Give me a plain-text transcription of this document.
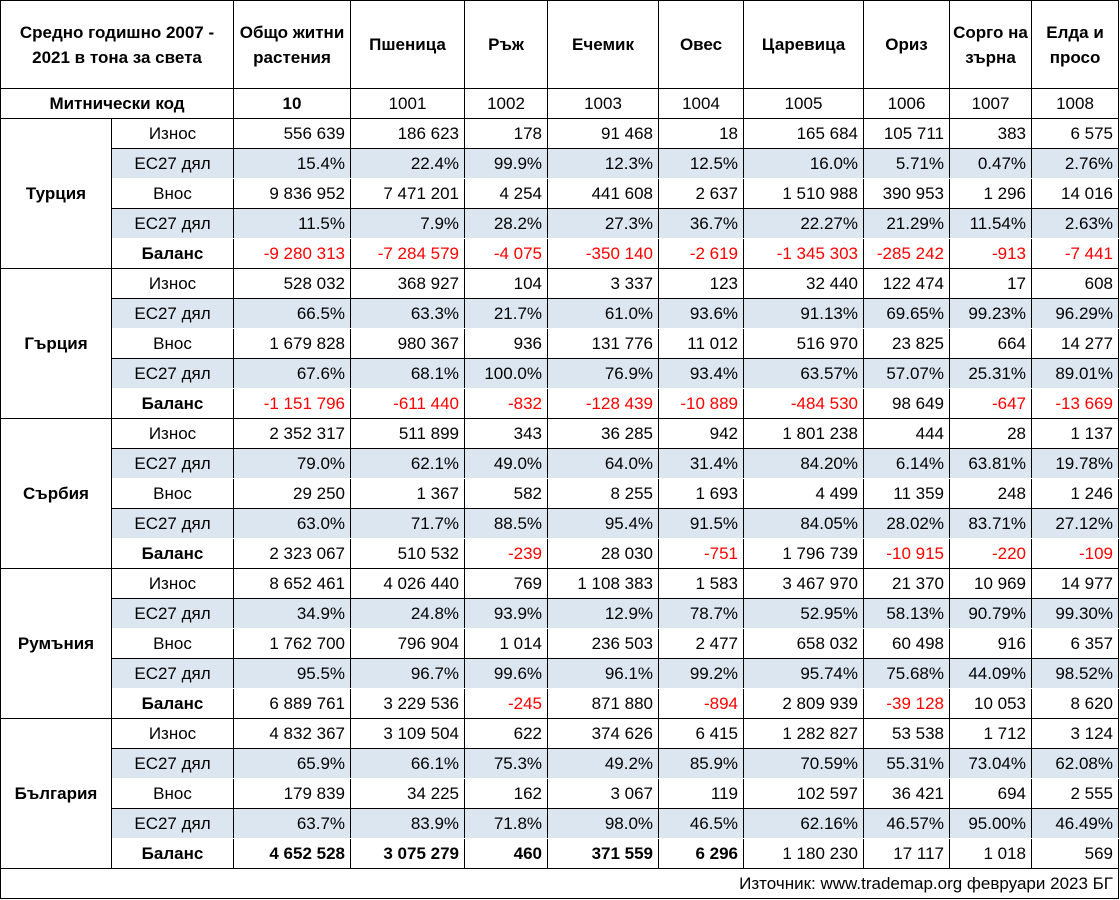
Средно годишно 2007 - 2021 в тона за света		Общо житни растения	Пшеница	Ръж	Ечемик	Овес	Царевица	Ориз	Сорго на зърна	Елда и просо
Митнически код		10	1001	1002	1003	1004	1005	1006	1007	1008
Турция	Износ	556 639	186 623	178	91 468	18	165 684	105 711	383	6 575
	ЕС27 дял	15.4%	22.4%	99.9%	12.3%	12.5%	16.0%	5.71%	0.47%	2.76%
	Внос	9 836 952	7 471 201	4 254	441 608	2 637	1 510 988	390 953	1 296	14 016
	ЕС27 дял	11.5%	7.9%	28.2%	27.3%	36.7%	22.27%	21.29%	11.54%	2.63%
	Баланс	-9 280 313	-7 284 579	-4 075	-350 140	-2 619	-1 345 303	-285 242	-913	-7 441
Гърция	Износ	528 032	368 927	104	3 337	123	32 440	122 474	17	608
	ЕС27 дял	66.5%	63.3%	21.7%	61.0%	93.6%	91.13%	69.65%	99.23%	96.29%
	Внос	1 679 828	980 367	936	131 776	11 012	516 970	23 825	664	14 277
	ЕС27 дял	67.6%	68.1%	100.0%	76.9%	93.4%	63.57%	57.07%	25.31%	89.01%
	Баланс	-1 151 796	-611 440	-832	-128 439	-10 889	-484 530	98 649	-647	-13 669
Сърбия	Износ	2 352 317	511 899	343	36 285	942	1 801 238	444	28	1 137
	ЕС27 дял	79.0%	62.1%	49.0%	64.0%	31.4%	84.20%	6.14%	63.81%	19.78%
	Внос	29 250	1 367	582	8 255	1 693	4 499	11 359	248	1 246
	ЕС27 дял	63.0%	71.7%	88.5%	95.4%	91.5%	84.05%	28.02%	83.71%	27.12%
	Баланс	2 323 067	510 532	-239	28 030	-751	1 796 739	-10 915	-220	-109
Румъния	Износ	8 652 461	4 026 440	769	1 108 383	1 583	3 467 970	21 370	10 969	14 977
	ЕС27 дял	34.9%	24.8%	93.9%	12.9%	78.7%	52.95%	58.13%	90.79%	99.30%
	Внос	1 762 700	796 904	1 014	236 503	2 477	658 032	60 498	916	6 357
	ЕС27 дял	95.5%	96.7%	99.6%	96.1%	99.2%	95.74%	75.68%	44.09%	98.52%
	Баланс	6 889 761	3 229 536	-245	871 880	-894	2 809 939	-39 128	10 053	8 620
България	Износ	4 832 367	3 109 504	622	374 626	6 415	1 282 827	53 538	1 712	3 124
	ЕС27 дял	65.9%	66.1%	75.3%	49.2%	85.9%	70.59%	55.31%	73.04%	62.08%
	Внос	179 839	34 225	162	3 067	119	102 597	36 421	694	2 555
	ЕС27 дял	63.7%	83.9%	71.8%	98.0%	46.5%	62.16%	46.57%	95.00%	46.49%
	Баланс	4 652 528	3 075 279	460	371 559	6 296	1 180 230	17 117	1 018	569
Източник: www.trademap.org февруари 2023 БГ										
